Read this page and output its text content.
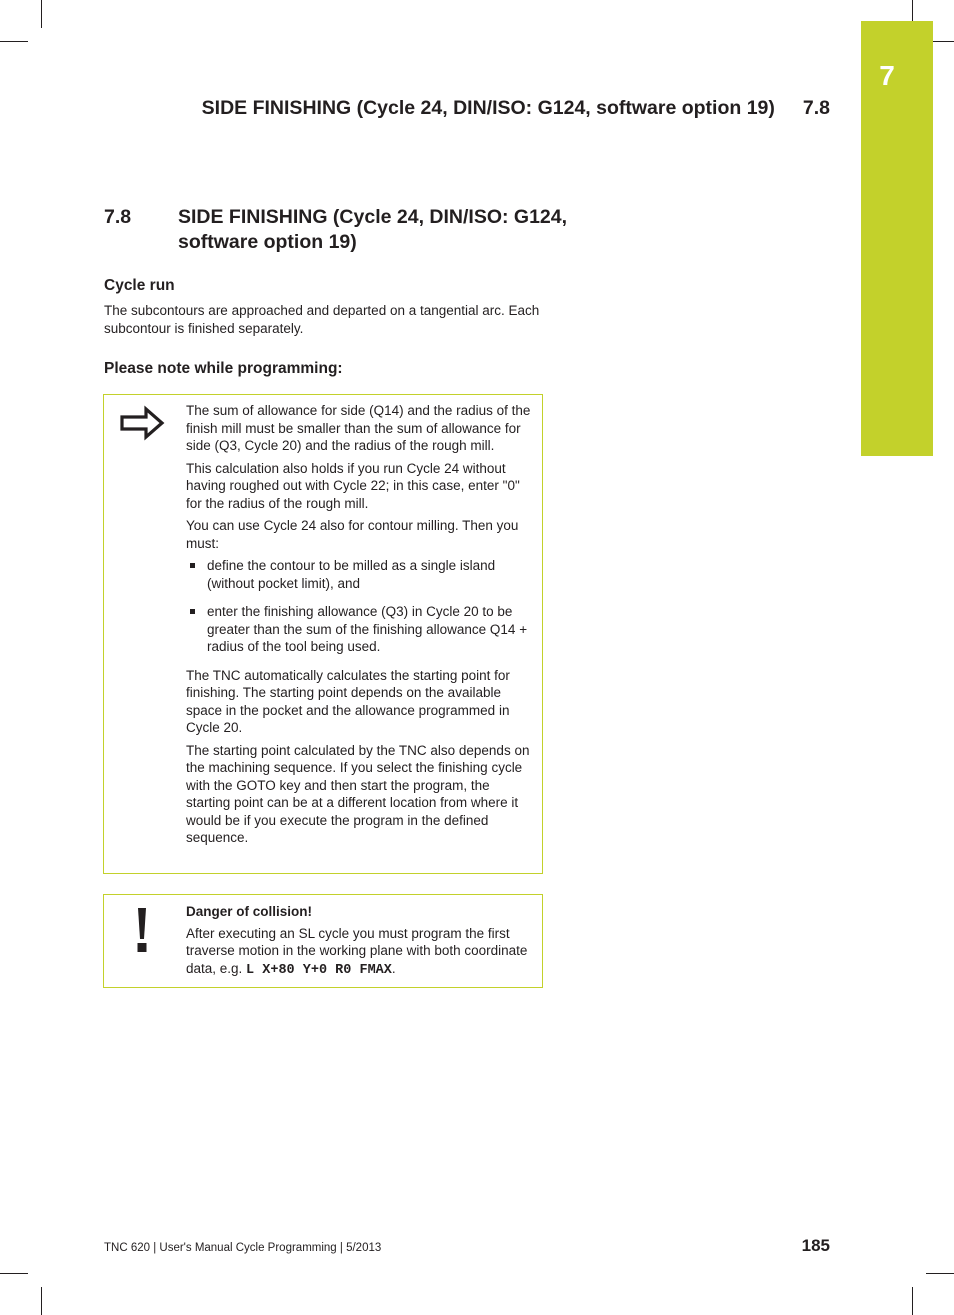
7
SIDE FINISHING (Cycle 24, DIN/ISO: G124, software option 19) 7.8
7.8 SIDE FINISHING (Cycle 24, DIN/ISO: G124, software option 19)
Cycle run
The subcontours are approached and departed on a tangential arc. Each subcontour is finished separately.
Please note while programming:

The sum of allowance for side (Q14) and the radius of the finish mill must be smaller than the sum of allowance for side (Q3, Cycle 20) and the radius of the rough mill.

This calculation also holds if you run Cycle 24 without having roughed out with Cycle 22; in this case, enter "0" for the radius of the rough mill.

You can use Cycle 24 also for contour milling. Then you must:

define the contour to be milled as a single island (without pocket limit), and
enter the finishing allowance (Q3) in Cycle 20 to be greater than the sum of the finishing allowance Q14 + radius of the tool being used.

The TNC automatically calculates the starting point for finishing. The starting point depends on the available space in the pocket and the allowance programmed in Cycle 20.

The starting point calculated by the TNC also depends on the machining sequence. If you select the finishing cycle with the GOTO key and then start the program, the starting point can be at a different location from where it would be if you execute the program in the defined sequence.

Danger of collision!
After executing an SL cycle you must program the first traverse motion in the working plane with both coordinate data, e.g. L X+80 Y+0 R0 FMAX.
TNC 620 | User's Manual Cycle Programming | 5/2013	185
